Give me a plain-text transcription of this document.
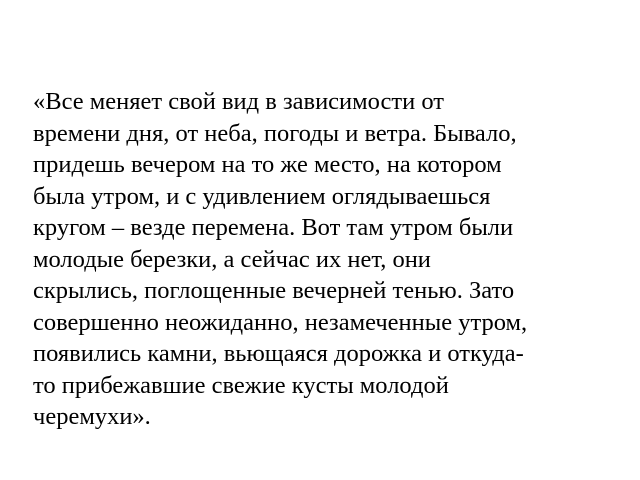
«Все меняет свой вид в зависимости от
времени дня, от неба, погоды и ветра. Бывало,
придешь вечером на то же место, на котором
была утром, и с удивлением оглядываешься
кругом – везде перемена. Вот там утром были
молодые березки, а сейчас их нет, они
скрылись, поглощенные вечерней тенью. Зато
совершенно неожиданно, незамеченные утром,
появились камни, вьющаяся дорожка и откуда-
то прибежавшие свежие кусты молодой
черемухи».
